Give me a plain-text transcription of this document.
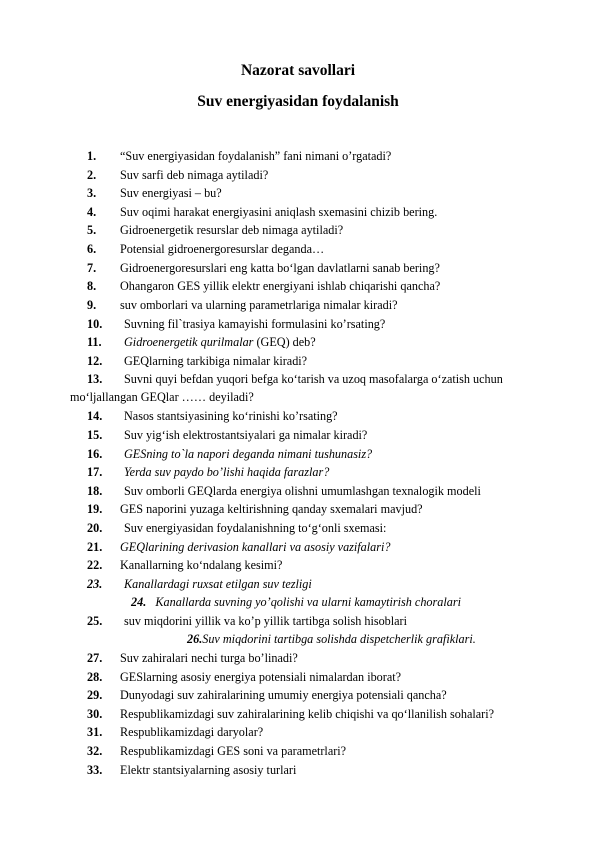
Nazorat savollari
Suv energiyasidan foydalanish
1. “Suv energiyasidan foydalanish” fani nimani o’rgatadi?
2. Suv sarfi deb nimaga aytiladi?
3. Suv energiyasi – bu?
4. Suv oqimi harakat energiyasini aniqlash sxemasini chizib bering.
5. Gidroenergetik resurslar deb nimaga aytiladi?
6. Potensial gidroenergoresurslar deganda…
7. Gidroenergoresurslari eng katta bo‘lgan davlatlarni sanab bering?
8. Ohangaron GES yillik elektr energiyani ishlab chiqarishi qancha?
9. suv omborlari va ularning parametrlariga nimalar kiradi?
10. Suvning fil`trasiya kamayishi formulasini ko’rsating?
11. Gidroenergetik qurilmalar (GEQ) deb?
12. GEQlarning tarkibiga nimalar kiradi?
13. Suvni quyi befdan yuqori befga ko‘tarish va uzoq masofalarga o‘zatish uchun
mo‘ljallangan GEQlar …… deyiladi?
14. Nasos stantsiyasining ko‘rinishi ko’rsating?
15. Suv yig‘ish elektrostantsiyalari ga nimalar kiradi?
16. GESning to`la napori deganda nimani tushunasiz?
17. Yerda suv paydo bo’lishi haqida farazlar?
18. Suv omborli GEQlarda energiya olishni umumlashgan texnalogik modeli
19. GES naporini yuzaga keltirishning qanday sxemalari mavjud?
20. Suv energiyasidan foydalanishning to‘g‘onli sxemasi:
21. GEQlarining derivasion kanallari va asosiy vazifalari?
22. Kanallarning ko‘ndalang kesimi?
23. Kanallardagi ruxsat etilgan suv tezligi
24. Kanallarda suvning yo’qolishi va ularni kamaytirish choralari
25. suv miqdorini yillik va ko’p yillik tartibga solish hisoblari
26.Suv miqdorini tartibga solishda dispetcherlik grafiklari.
27. Suv zahiralari nechi turga bo’linadi?
28. GESlarning asosiy energiya potensiali nimalardan iborat?
29. Dunyodagi suv zahiralarining umumiy energiya potensiali qancha?
30. Respublikamizdagi suv zahiralarining kelib chiqishi va qo‘llanilish sohalari?
31. Respublikamizdagi daryolar?
32. Respublikamizdagi GES soni va parametrlari?
33. Elektr stantsiyalarning asosiy turlari
